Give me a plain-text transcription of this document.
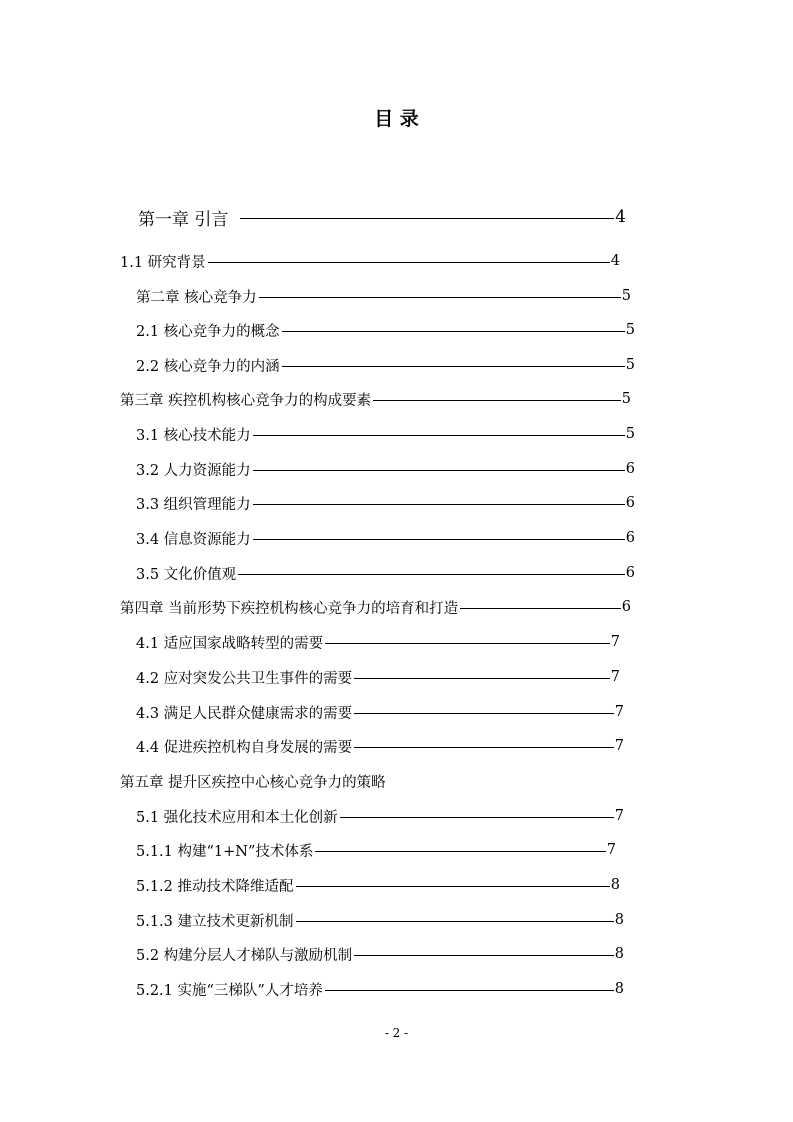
目 录
第一章 引言	4
1.1 研究背景	4
第二章 核心竞争力	5
2.1 核心竞争力的概念	5
2.2 核心竞争力的内涵	5
第三章 疾控机构核心竞争力的构成要素	5
3.1 核心技术能力	5
3.2 人力资源能力	6
3.3 组织管理能力	6
3.4 信息资源能力	6
3.5 文化价值观	6
第四章 当前形势下疾控机构核心竞争力的培育和打造	6
4.1 适应国家战略转型的需要	7
4.2 应对突发公共卫生事件的需要	7
4.3 满足人民群众健康需求的需要	7
4.4 促进疾控机构自身发展的需要	7
第五章 提升区疾控中心核心竞争力的策略
5.1 强化技术应用和本土化创新	7
5.1.1 构建“1+N”技术体系	7
5.1.2 推动技术降维适配	8
5.1.3 建立技术更新机制	8
5.2 构建分层人才梯队与激励机制	8
5.2.1 实施“三梯队”人才培养	8
- 2 -
